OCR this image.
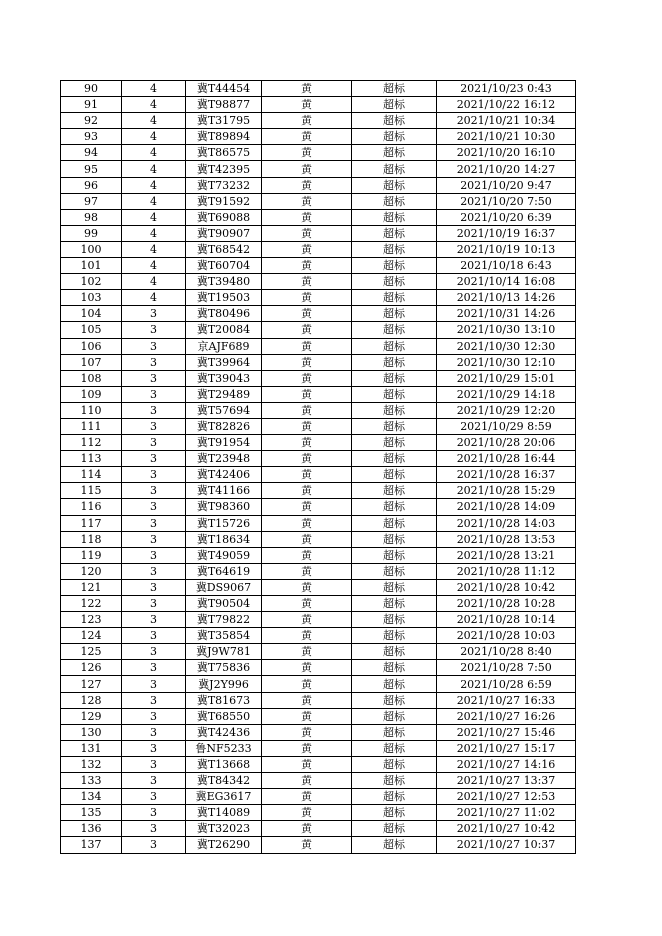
90	4	冀T44454	黄	超标	2021/10/23 0:43
91	4	冀T98877	黄	超标	2021/10/22 16:12
92	4	冀T31795	黄	超标	2021/10/21 10:34
93	4	冀T89894	黄	超标	2021/10/21 10:30
94	4	冀T86575	黄	超标	2021/10/20 16:10
95	4	冀T42395	黄	超标	2021/10/20 14:27
96	4	冀T73232	黄	超标	2021/10/20 9:47
97	4	冀T91592	黄	超标	2021/10/20 7:50
98	4	冀T69088	黄	超标	2021/10/20 6:39
99	4	冀T90907	黄	超标	2021/10/19 16:37
100	4	冀T68542	黄	超标	2021/10/19 10:13
101	4	冀T60704	黄	超标	2021/10/18 6:43
102	4	冀T39480	黄	超标	2021/10/14 16:08
103	4	冀T19503	黄	超标	2021/10/13 14:26
104	3	冀T80496	黄	超标	2021/10/31 14:26
105	3	冀T20084	黄	超标	2021/10/30 13:10
106	3	京AJF689	黄	超标	2021/10/30 12:30
107	3	冀T39964	黄	超标	2021/10/30 12:10
108	3	冀T39043	黄	超标	2021/10/29 15:01
109	3	冀T29489	黄	超标	2021/10/29 14:18
110	3	冀T57694	黄	超标	2021/10/29 12:20
111	3	冀T82826	黄	超标	2021/10/29 8:59
112	3	冀T91954	黄	超标	2021/10/28 20:06
113	3	冀T23948	黄	超标	2021/10/28 16:44
114	3	冀T42406	黄	超标	2021/10/28 16:37
115	3	冀T41166	黄	超标	2021/10/28 15:29
116	3	冀T98360	黄	超标	2021/10/28 14:09
117	3	冀T15726	黄	超标	2021/10/28 14:03
118	3	冀T18634	黄	超标	2021/10/28 13:53
119	3	冀T49059	黄	超标	2021/10/28 13:21
120	3	冀T64619	黄	超标	2021/10/28 11:12
121	3	冀DS9067	黄	超标	2021/10/28 10:42
122	3	冀T90504	黄	超标	2021/10/28 10:28
123	3	冀T79822	黄	超标	2021/10/28 10:14
124	3	冀T35854	黄	超标	2021/10/28 10:03
125	3	冀J9W781	黄	超标	2021/10/28 8:40
126	3	冀T75836	黄	超标	2021/10/28 7:50
127	3	冀J2Y996	黄	超标	2021/10/28 6:59
128	3	冀T81673	黄	超标	2021/10/27 16:33
129	3	冀T68550	黄	超标	2021/10/27 16:26
130	3	冀T42436	黄	超标	2021/10/27 15:46
131	3	鲁NF5233	黄	超标	2021/10/27 15:17
132	3	冀T13668	黄	超标	2021/10/27 14:16
133	3	冀T84342	黄	超标	2021/10/27 13:37
134	3	冀EG3617	黄	超标	2021/10/27 12:53
135	3	冀T14089	黄	超标	2021/10/27 11:02
136	3	冀T32023	黄	超标	2021/10/27 10:42
137	3	冀T26290	黄	超标	2021/10/27 10:37
